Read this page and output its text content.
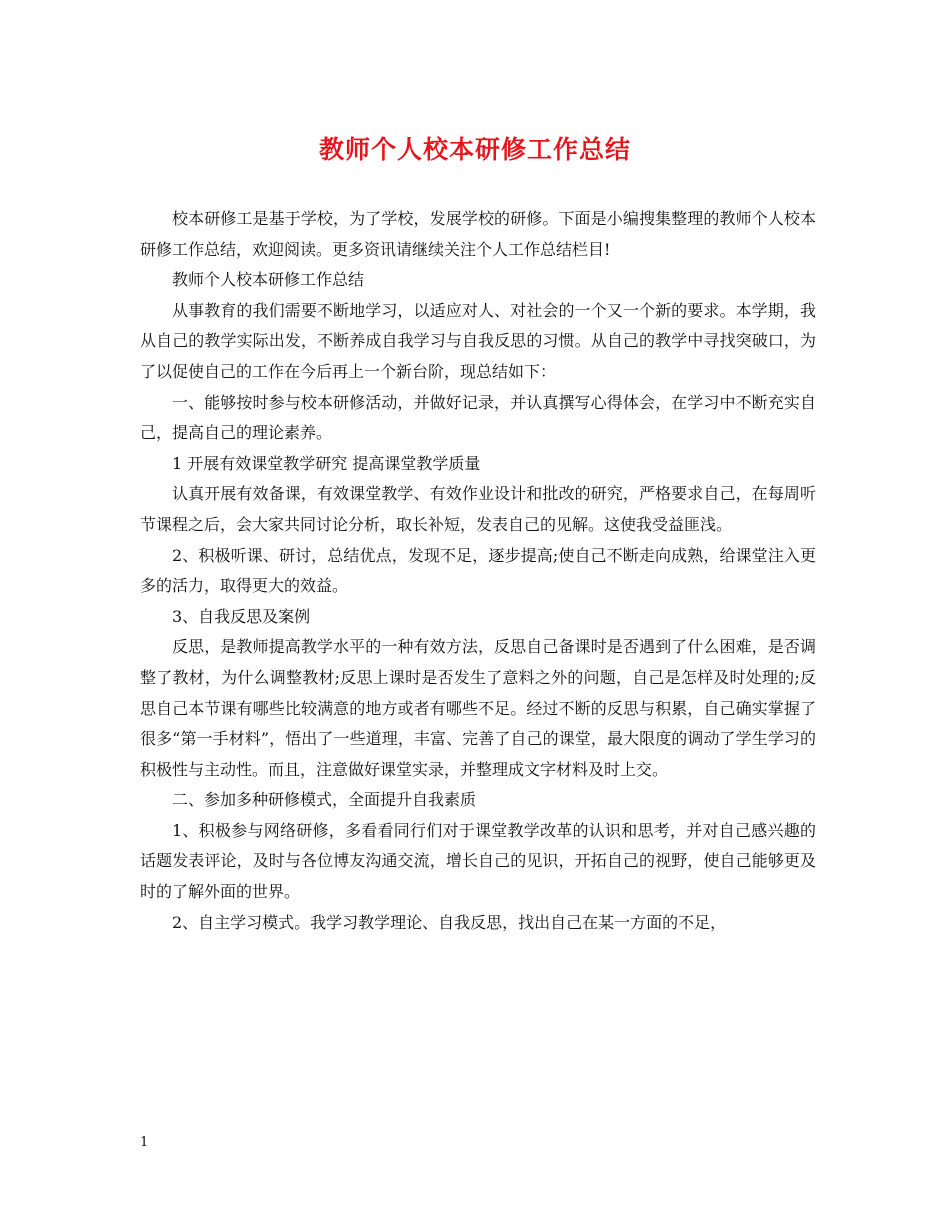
教师个人校本研修工作总结

校本研修工是基于学校，为了学校，发展学校的研修。下面是小编搜集整理的教师个人校本研修工作总结，欢迎阅读。更多资讯请继续关注个人工作总结栏目!

教师个人校本研修工作总结

从事教育的我们需要不断地学习，以适应对人、对社会的一个又一个新的要求。本学期，我从自己的教学实际出发，不断养成自我学习与自我反思的习惯。从自己的教学中寻找突破口，为了以促使自己的工作在今后再上一个新台阶，现总结如下：

一、能够按时参与校本研修活动，并做好记录，并认真撰写心得体会，在学习中不断充实自己，提高自己的理论素养。

1 开展有效课堂教学研究 提高课堂教学质量

认真开展有效备课，有效课堂教学、有效作业设计和批改的研究，严格要求自己，在每周听节课程之后，会大家共同讨论分析，取长补短，发表自己的见解。这使我受益匪浅。

2、积极听课、研讨，总结优点，发现不足，逐步提高;使自己不断走向成熟，给课堂注入更多的活力，取得更大的效益。

3、自我反思及案例

反思，是教师提高教学水平的一种有效方法，反思自己备课时是否遇到了什么困难，是否调整了教材，为什么调整教材;反思上课时是否发生了意料之外的问题，自己是怎样及时处理的;反思自己本节课有哪些比较满意的地方或者有哪些不足。经过不断的反思与积累，自己确实掌握了很多“第一手材料”，悟出了一些道理，丰富、完善了自己的课堂，最大限度的调动了学生学习的积极性与主动性。而且，注意做好课堂实录，并整理成文字材料及时上交。

二、参加多种研修模式，全面提升自我素质

1、积极参与网络研修，多看看同行们对于课堂教学改革的认识和思考，并对自己感兴趣的话题发表评论，及时与各位博友沟通交流，增长自己的见识，开拓自己的视野，使自己能够更及时的了解外面的世界。

2、自主学习模式。我学习教学理论、自我反思，找出自己在某一方面的不足，

1
